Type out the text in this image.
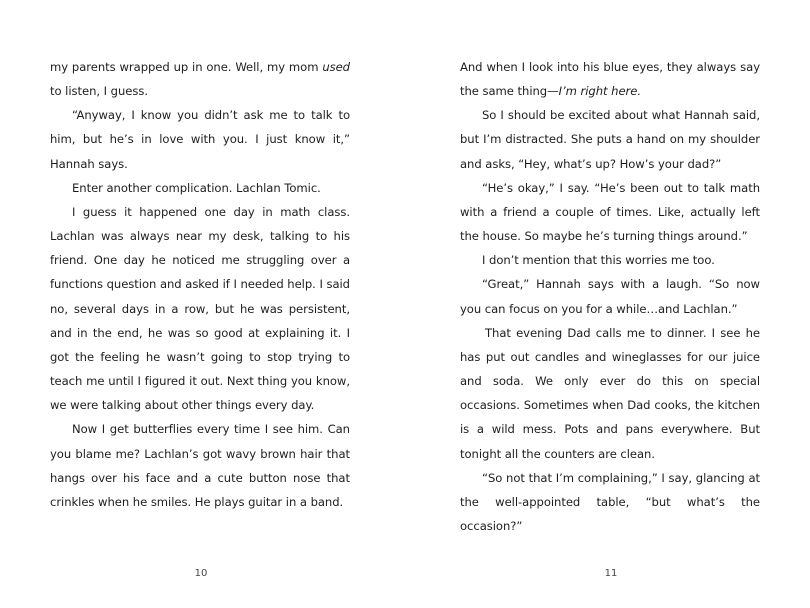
my parents wrapped up in one. Well, my mom used to listen, I guess.

“Anyway, I know you didn’t ask me to talk to him, but he’s in love with you. I just know it,” Hannah says.

Enter another complication. Lachlan Tomic.

I guess it happened one day in math class. Lachlan was always near my desk, talking to his friend. One day he noticed me struggling over a functions question and asked if I needed help. I said no, several days in a row, but he was persistent, and in the end, he was so good at explaining it. I got the feeling he wasn’t going to stop trying to teach me until I figured it out. Next thing you know, we were talking about other things every day.

Now I get butterflies every time I see him. Can you blame me? Lachlan’s got wavy brown hair that hangs over his face and a cute button nose that crinkles when he smiles. He plays guitar in a band.

And when I look into his blue eyes, they always say the same thing—I’m right here.

So I should be excited about what Hannah said, but I’m distracted. She puts a hand on my shoulder and asks, “Hey, what’s up? How’s your dad?”

“He’s okay,” I say. “He’s been out to talk math with a friend a couple of times. Like, actually left the house. So maybe he’s turning things around.”

I don’t mention that this worries me too.

“Great,” Hannah says with a laugh. “So now you can focus on you for a while…and Lachlan.”

That evening Dad calls me to dinner. I see he has put out candles and wineglasses for our juice and soda. We only ever do this on special occasions. Sometimes when Dad cooks, the kitchen is a wild mess. Pots and pans everywhere. But tonight all the counters are clean.

“So not that I’m complaining,” I say, glancing at the well-appointed table, “but what’s the occasion?”

10	11
